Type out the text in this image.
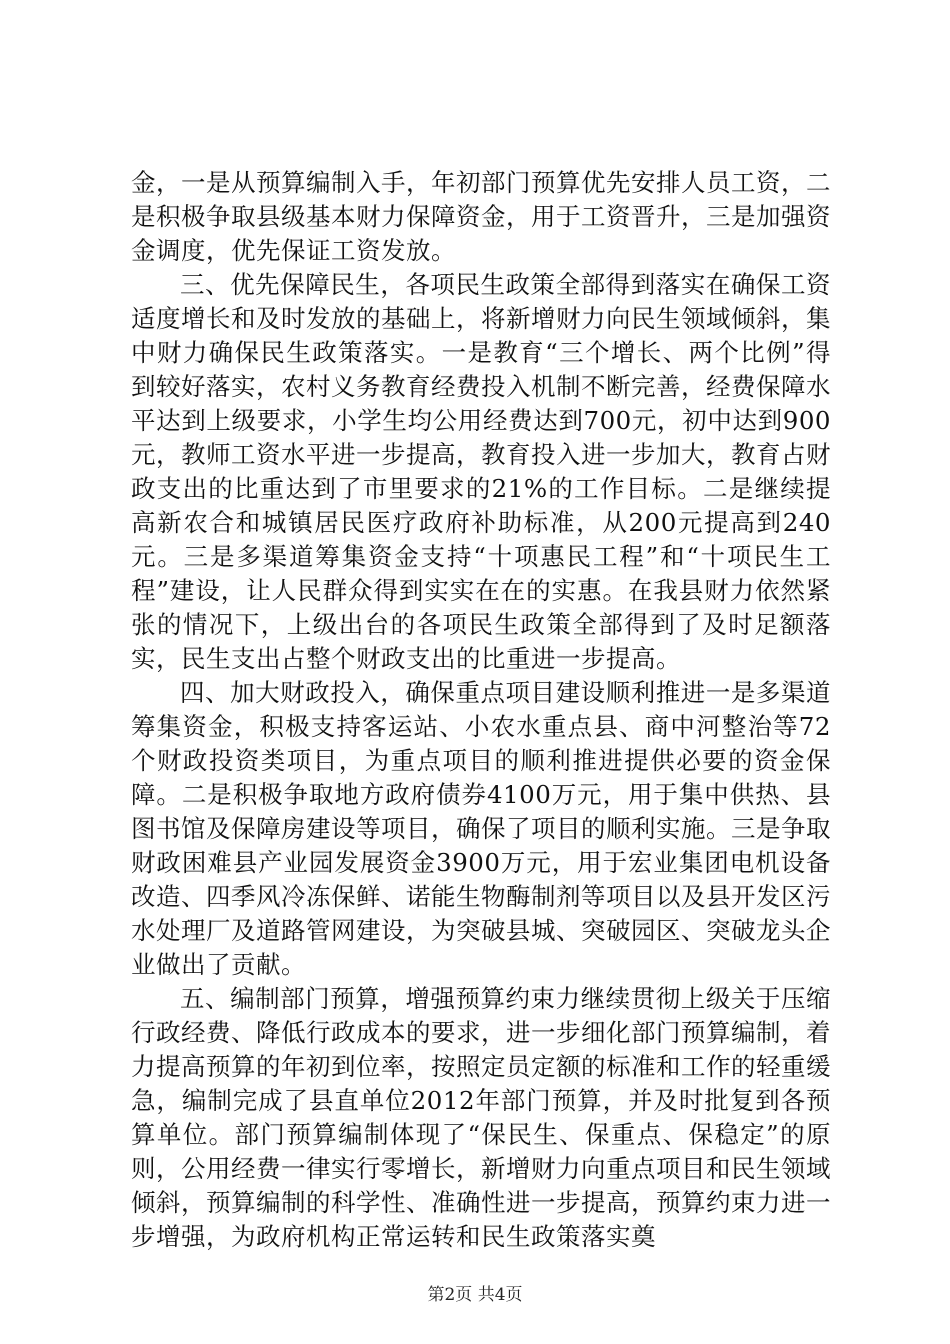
金，一是从预算编制入手，年初部门预算优先安排人员工资，二是积极争取县级基本财力保障资金，用于工资晋升，三是加强资金调度，优先保证工资发放。

三、优先保障民生，各项民生政策全部得到落实在确保工资适度增长和及时发放的基础上，将新增财力向民生领域倾斜，集中财力确保民生政策落实。一是教育“三个增长、两个比例”得到较好落实，农村义务教育经费投入机制不断完善，经费保障水平达到上级要求，小学生均公用经费达到700元，初中达到900元，教师工资水平进一步提高，教育投入进一步加大，教育占财政支出的比重达到了市里要求的21%的工作目标。二是继续提高新农合和城镇居民医疗政府补助标准，从200元提高到240元。三是多渠道筹集资金支持“十项惠民工程”和“十项民生工程”建设，让人民群众得到实实在在的实惠。在我县财力依然紧张的情况下，上级出台的各项民生政策全部得到了及时足额落实，民生支出占整个财政支出的比重进一步提高。

四、加大财政投入，确保重点项目建设顺利推进一是多渠道筹集资金，积极支持客运站、小农水重点县、商中河整治等72个财政投资类项目，为重点项目的顺利推进提供必要的资金保障。二是积极争取地方政府债券4100万元，用于集中供热、县图书馆及保障房建设等项目，确保了项目的顺利实施。三是争取财政困难县产业园发展资金3900万元，用于宏业集团电机设备改造、四季风冷冻保鲜、诺能生物酶制剂等项目以及县开发区污水处理厂及道路管网建设，为突破县城、突破园区、突破龙头企业做出了贡献。

五、编制部门预算，增强预算约束力继续贯彻上级关于压缩行政经费、降低行政成本的要求，进一步细化部门预算编制，着力提高预算的年初到位率，按照定员定额的标准和工作的轻重缓急，编制完成了县直单位2012年部门预算，并及时批复到各预算单位。部门预算编制体现了“保民生、保重点、保稳定”的原则，公用经费一律实行零增长，新增财力向重点项目和民生领域倾斜，预算编制的科学性、准确性进一步提高，预算约束力进一步增强，为政府机构正常运转和民生政策落实奠

第2页 共4页
